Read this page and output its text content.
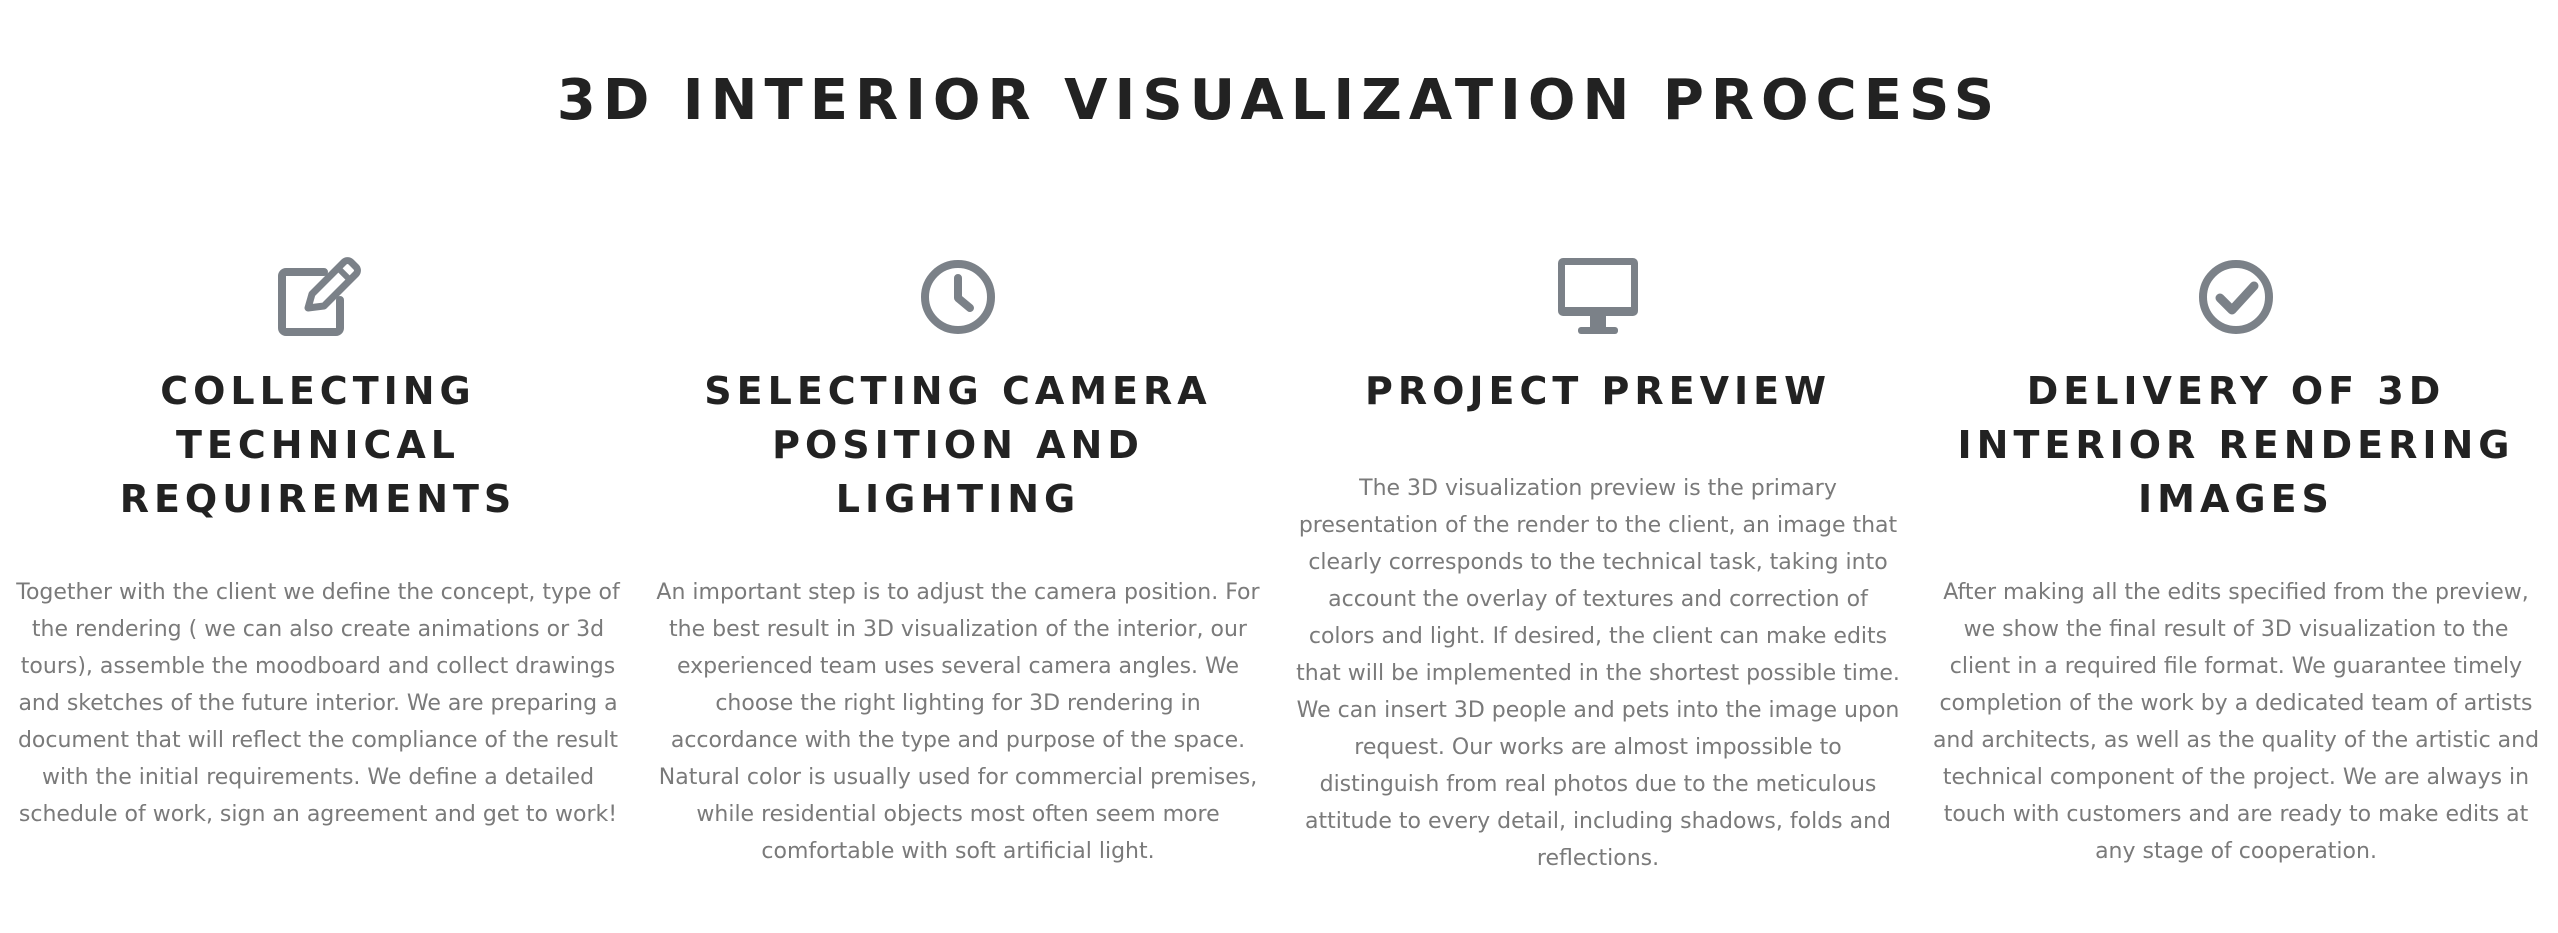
3D INTERIOR VISUALIZATION PROCESS
COLLECTING TECHNICAL REQUIREMENTS
Together with the client we define the concept, type of the rendering ( we can also create animations or 3d tours), assemble the moodboard and collect drawings and sketches of the future interior. We are preparing a document that will reflect the compliance of the result with the initial requirements. We define a detailed schedule of work, sign an agreement and get to work!
SELECTING CAMERA POSITION AND LIGHTING
An important step is to adjust the camera position. For the best result in 3D visualization of the interior, our experienced team uses several camera angles. We choose the right lighting for 3D rendering in accordance with the type and purpose of the space. Natural color is usually used for commercial premises, while residential objects most often seem more comfortable with soft artificial light.
PROJECT PREVIEW
The 3D visualization preview is the primary presentation of the render to the client, an image that clearly corresponds to the technical task, taking into account the overlay of textures and correction of colors and light. If desired, the client can make edits that will be implemented in the shortest possible time. We can insert 3D people and pets into the image upon request. Our works are almost impossible to distinguish from real photos due to the meticulous attitude to every detail, including shadows, folds and reflections.
DELIVERY OF 3D INTERIOR RENDERING IMAGES
After making all the edits specified from the preview, we show the final result of 3D visualization to the client in a required file format. We guarantee timely completion of the work by a dedicated team of artists and architects, as well as the quality of the artistic and technical component of the project. We are always in touch with customers and are ready to make edits at any stage of cooperation.
